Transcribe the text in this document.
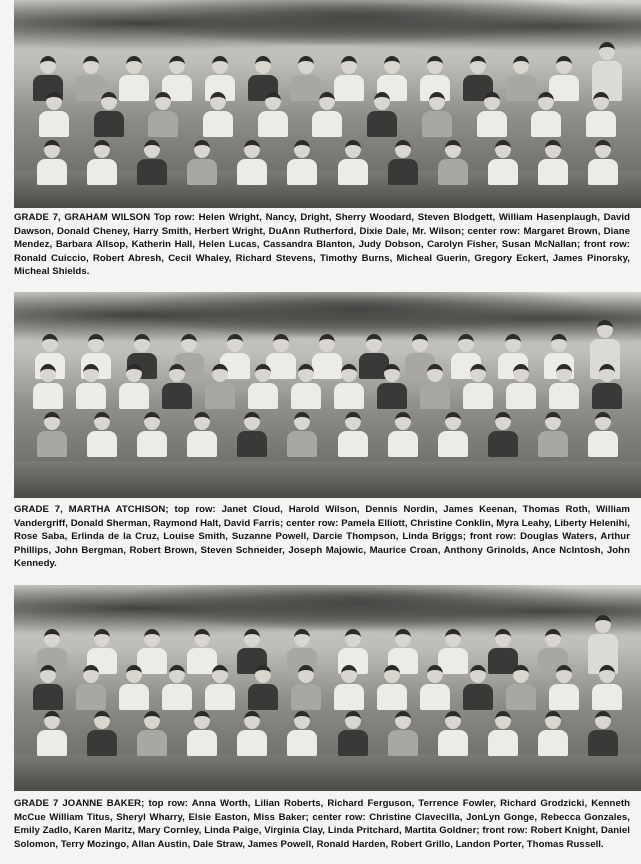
GRADE 7, GRAHAM WILSON Top row: Helen Wright, Nancy, Dright, Sherry Woodard, Steven Blodgett, William Hasenplaugh, David Dawson, Donald Cheney, Harry Smith, Herbert Wright, DuAnn Rutherford, Dixie Dale, Mr. Wilson; center row: Margaret Brown, Diane Mendez, Barbara Allsop, Katherin Hall, Helen Lucas, Cassandra Blanton, Judy Dobson, Carolyn Fisher, Susan McNallan; front row: Ronald Cuiccio, Robert Abresh, Cecil Whaley, Richard Stevens, Timothy Burns, Micheal Guerin, Gregory Eckert, James Pinorsky, Micheal Shields.
GRADE 7, MARTHA ATCHISON; top row: Janet Cloud, Harold Wilson, Dennis Nordin, James Keenan, Thomas Roth, William Vandergriff, Donald Sherman, Raymond Halt, David Farris; center row: Pamela Elliott, Christine Conklin, Myra Leahy, Liberty Helenihi, Rose Saba, Erlinda de la Cruz, Louise Smith, Suzanne Powell, Darcie Thompson, Linda Briggs; front row: Douglas Waters, Arthur Phillips, John Bergman, Robert Brown, Steven Schneider, Joseph Majowic, Maurice Croan, Anthony Grinolds, Ance NcIntosh, John Kennedy.
GRADE 7 JOANNE BAKER; top row: Anna Worth, Lilian Roberts, Richard Ferguson, Terrence Fowler, Richard Grodzicki, Kenneth McCue William Titus, Sheryl Wharry, Elsie Easton, Miss Baker; center row: Christine Clavecilla, JonLyn Gonge, Rebecca Gonzales, Emily Zadlo, Karen Maritz, Mary Cornley, Linda Paige, Virginia Clay, Linda Pritchard, Martita Goldner; front row: Robert Knight, Daniel Solomon, Terry Mozingo, Allan Austin, Dale Straw, James Powell, Ronald Harden, Robert Grillo, Landon Porter, Thomas Russell.
